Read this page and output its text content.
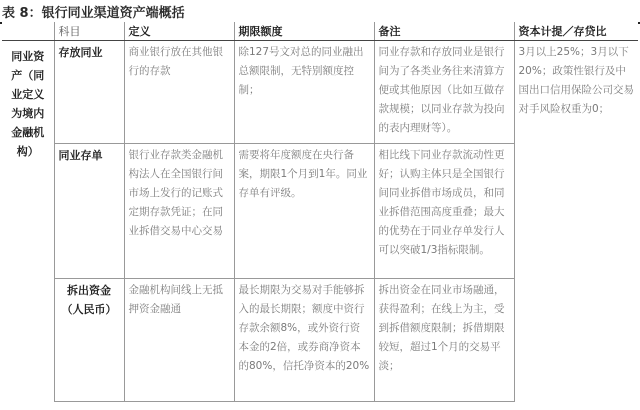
表 8：银行同业渠道资产端概括
	科目	定义	期限额度	备注	资本计提／存贷比
同业资产（同业定义为境内金融机构）	存放同业	商业银行放在其他银行的存款	除127号文对总的同业融出总额限制，无特别额度控制；	同业存款和存放同业是银行间为了各类业务往来清算方便或其他原因（比如互做存款规模；以同业存款为投向的表内理财等）。	3月以上25%；3月以下20%；政策性银行及中国出口信用保险公司交易对手风险权重为0；
	同业存单	银行业存款类金融机构法人在全国银行间市场上发行的记账式定期存款凭证；在同业拆借交易中心交易	需要将年度额度在央行备案，期限1个月到1年。同业存单有评级。	相比线下同业存款流动性更好；认购主体只是全国银行间同业拆借市场成员，和同业拆借范围高度重叠；最大的优势在于同业存单发行人可以突破1/3指标限制。	
	拆出资金（人民币）	金融机构间线上无抵押资金融通	最长期限为交易对手能够拆入的最长期限；额度中资行存款余额8%，或外资行资本金的2倍，或券商净资本的80%，信托净资本的20%	拆出资金在同业市场融通，获得盈利；在线上为主，受到拆借额度限制；拆借期限较短，超过1个月的交易平淡；	
